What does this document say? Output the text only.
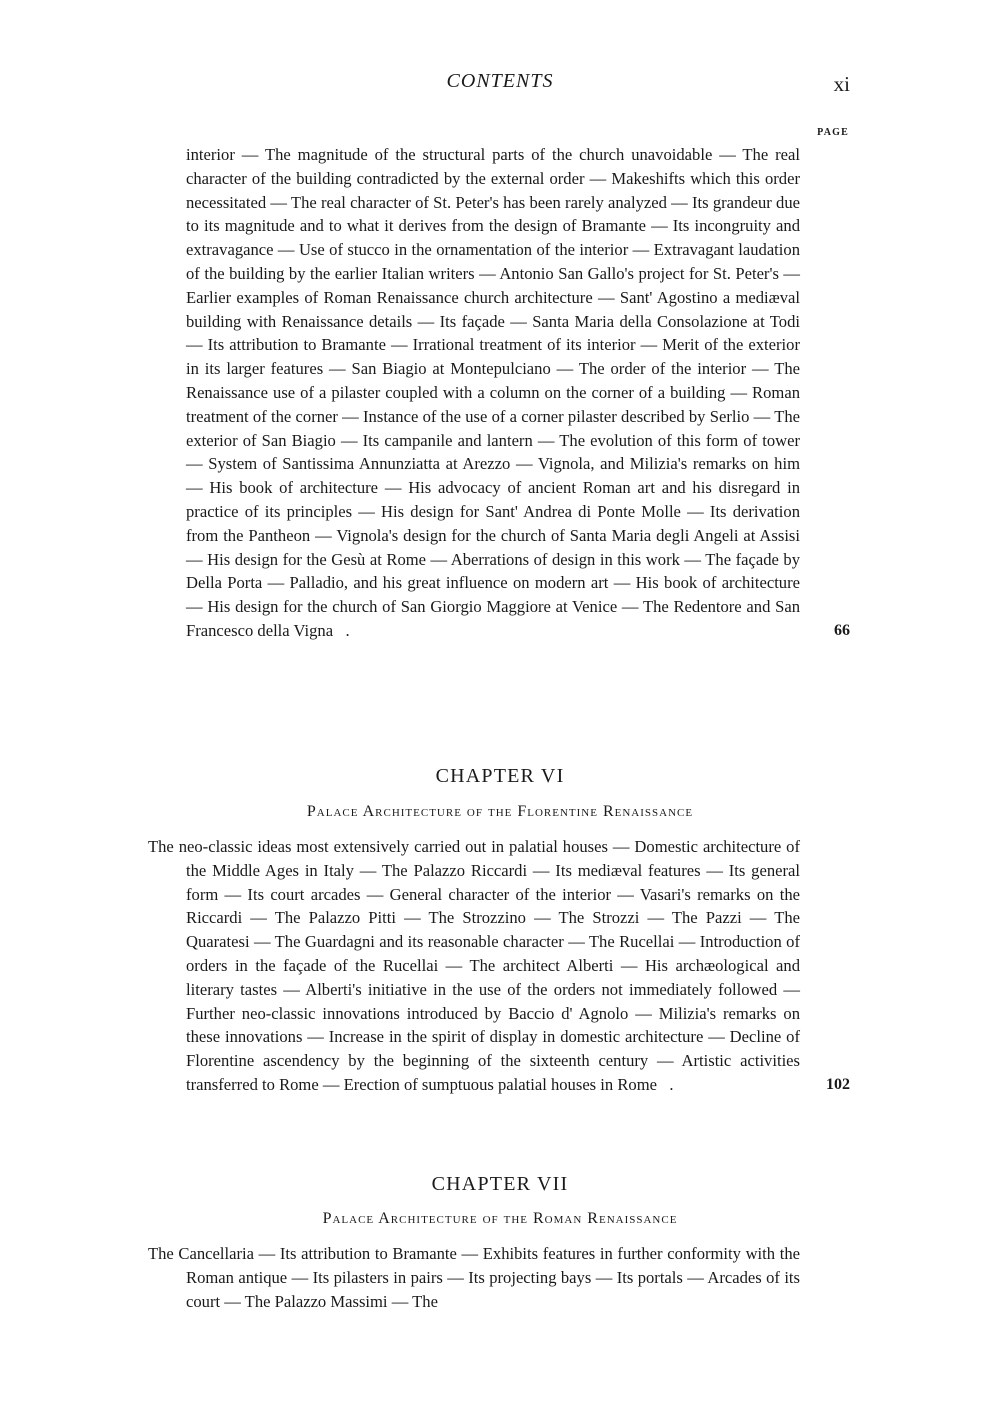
CONTENTS	xi
PAGE

interior — The magnitude of the structural parts of the church unavoidable — The real character of the building contradicted by the external order — Makeshifts which this order necessitated — The real character of St. Peter's has been rarely analyzed — Its grandeur due to its magnitude and to what it derives from the design of Bramante — Its incongruity and extravagance — Use of stucco in the ornamentation of the interior — Extravagant laudation of the building by the earlier Italian writers — Antonio San Gallo's project for St. Peter's — Earlier examples of Roman Renaissance church architecture — Sant' Agostino a mediæval building with Renaissance details — Its façade — Santa Maria della Consolazione at Todi — Its attribution to Bramante — Irrational treatment of its interior — Merit of the exterior in its larger features — San Biagio at Montepulciano — The order of the interior — The Renaissance use of a pilaster coupled with a column on the corner of a building — Roman treatment of the corner — Instance of the use of a corner pilaster described by Serlio — The exterior of San Biagio — Its campanile and lantern — The evolution of this form of tower — System of Santissima Annunziatta at Arezzo — Vignola, and Milizia's remarks on him — His book of architecture — His advocacy of ancient Roman art and his disregard in practice of its principles — His design for Sant' Andrea di Ponte Molle — Its derivation from the Pantheon — Vignola's design for the church of Santa Maria degli Angeli at Assisi — His design for the Gesù at Rome — Aberrations of design in this work — The façade by Della Porta — Palladio, and his great influence on modern art — His book of architecture — His design for the church of San Giorgio Maggiore at Venice — The Redentore and San Francesco della Vigna   .	66

CHAPTER VI
Palace Architecture of the Florentine Renaissance

The neo-classic ideas most extensively carried out in palatial houses — Domestic architecture of the Middle Ages in Italy — The Palazzo Riccardi — Its mediæval features — Its general form — Its court arcades — General character of the interior — Vasari's remarks on the Riccardi — The Palazzo Pitti — The Strozzino — The Strozzi — The Pazzi — The Quaratesi — The Guardagni and its reasonable character — The Rucellai — Introduction of orders in the façade of the Rucellai — The architect Alberti — His archæological and literary tastes — Alberti's initiative in the use of the orders not immediately followed — Further neo-classic innovations introduced by Baccio d' Agnolo — Milizia's remarks on these innovations — Increase in the spirit of display in domestic architecture — Decline of Florentine ascendency by the beginning of the sixteenth century — Artistic activities transferred to Rome — Erection of sumptuous palatial houses in Rome   .	102

CHAPTER VII
Palace Architecture of the Roman Renaissance

The Cancellaria — Its attribution to Bramante — Exhibits features in further conformity with the Roman antique — Its pilasters in pairs — Its projecting bays — Its portals — Arcades of its court — The Palazzo Massimi — The
